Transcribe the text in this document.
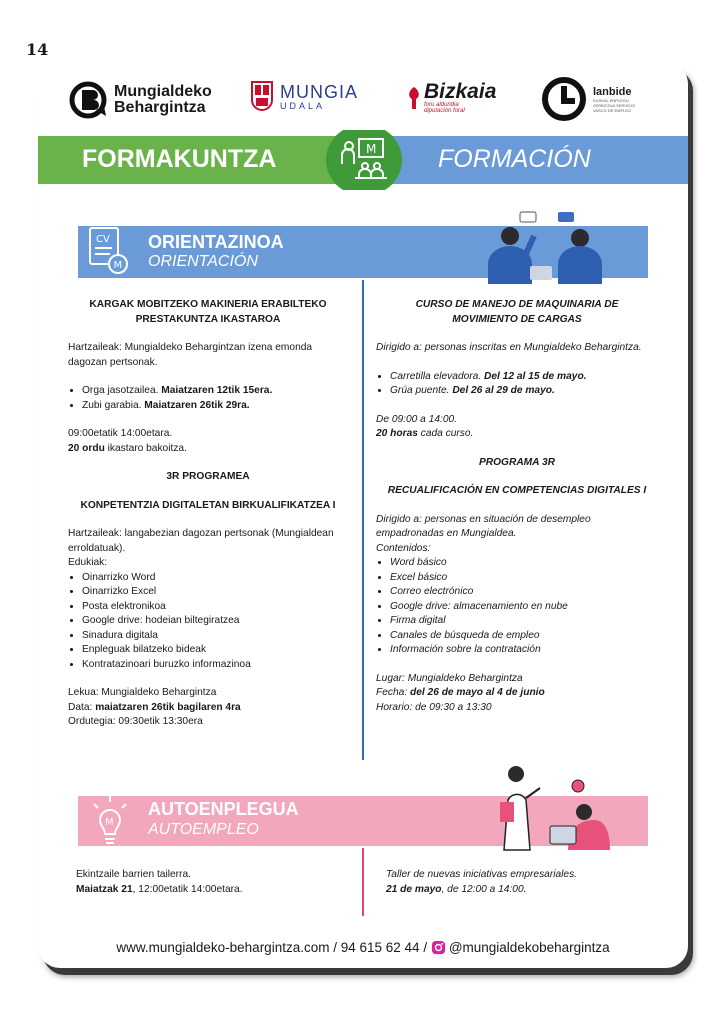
14
Mungialdeko Behargintza
MUNGIA
UDALA
Bizkaia
foru aldundia diputación foral
lanbide
EUSKAL ENPLEGU ZERBITZUA SERVICIO VASCO DE EMPLEO
FORMAKUNTZA	FORMACIÓN
M
CV
M
ORIENTAZINOA
ORIENTACIÓN

KARGAK MOBITZEKO MAKINERIA ERABILTEKO PRESTAKUNTZA IKASTAROA

Hartzaileak: Mungialdeko Behargintzan izena emonda dagozan pertsonak.

• Orga jasotzailea. Maiatzaren 12tik 15era.
• Zubi garabia. Maiatzaren 26tik 29ra.

09:00etatik 14:00etara.

20 ordu ikastaro bakoitza.

3R PROGRAMEA

KONPETENTZIA DIGITALETAN BIRKUALIFIKATZEA I

Hartzaileak: langabezian dagozan pertsonak (Mungialdean erroldatuak).

Edukiak:

• Oinarrizko Word
• Oinarrizko Excel
• Posta elektronikoa
• Google drive: hodeian biltegiratzea
• Sinadura digitala
• Enpleguak bilatzeko bideak
• Kontratazinoari buruzko informazinoa

Lekua: Mungialdeko Behargintza

Data: maiatzaren 26tik bagilaren 4ra

Ordutegia: 09:30etik 13:30era

CURSO DE MANEJO DE MAQUINARIA DE MOVIMIENTO DE CARGAS

Dirigido a: personas inscritas en Mungialdeko Behargintza.

• Carretilla elevadora. Del 12 al 15 de mayo.
• Grúa puente. Del 26 al 29 de mayo.

De 09:00 a 14:00.

20 horas cada curso.

PROGRAMA 3R

RECUALIFICACIÓN EN COMPETENCIAS DIGITALES I

Dirigido a: personas en situación de desempleo empadronadas en Mungialdea.

Contenidos:

• Word básico
• Excel básico
• Correo electrónico
• Google drive: almacenamiento en nube
• Firma digital
• Canales de búsqueda de empleo
• Información sobre la contratación

Lugar: Mungialdeko Behargintza

Fecha: del 26 de mayo al 4 de junio

Horario: de 09:30 a 13:30

M
AUTOENPLEGUA
AUTOEMPLEO

Ekintzaile barrien tailerra.

Maiatzak 21, 12:00etatik 14:00etara.

Taller de nuevas iniciativas empresariales.

21 de mayo, de 12:00 a 14:00.

www.mungialdeko-behargintza.com / 94 615 62 44 / @mungialdekobehargintza
